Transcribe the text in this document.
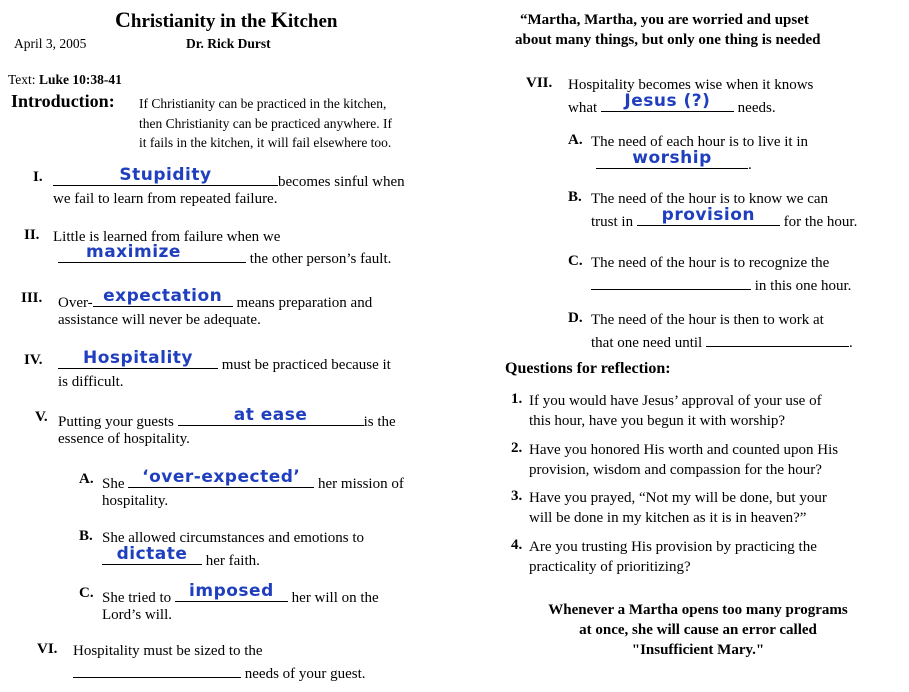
Christianity in the Kitchen
April 3, 2005	Dr. Rick Durst
Text: Luke 10:38-41
Introduction: If Christianity can be practiced in the kitchen,
then Christianity can be practiced anywhere. If
it fails in the kitchen, it will fail elsewhere too.
I.	Stupidity	becomes sinful when
we fail to learn from repeated failure.
II. Little is learned from failure when we
maximize	the other person’s fault.
III. Over- expectation means preparation and
assistance will never be adequate.
IV.	Hospitality	must be practiced because it
is difficult.
V. Putting your guests	at ease	is the
essence of hospitality.
A. She	‘over-expected’	her mission of
hospitality.
B. She allowed circumstances and emotions to
dictate	her faith.
C. She tried to	imposed	her will on the
Lord’s will.
VI. Hospitality must be sized to the
needs of your guest.
“Martha, Martha, you are worried and upset
about many things, but only one thing is needed
VII. Hospitality becomes wise when it knows
what	Jesus (?)	needs.
A. The need of each hour is to live it in
worship	.
B. The need of the hour is to know we can
trust in	provision	for the hour.
C. The need of the hour is to recognize the
in this one hour.
D. The need of the hour is then to work at
that one need until	.
Questions for reflection:
1. If you would have Jesus’ approval of your use of
this hour, have you begun it with worship?
2. Have you honored His worth and counted upon His
provision, wisdom and compassion for the hour?
3. Have you prayed, “Not my will be done, but your
will be done in my kitchen as it is in heaven?”
4. Are you trusting His provision by practicing the
practicality of prioritizing?
Whenever a Martha opens too many programs
at once, she will cause an error called
"Insufficient Mary."
